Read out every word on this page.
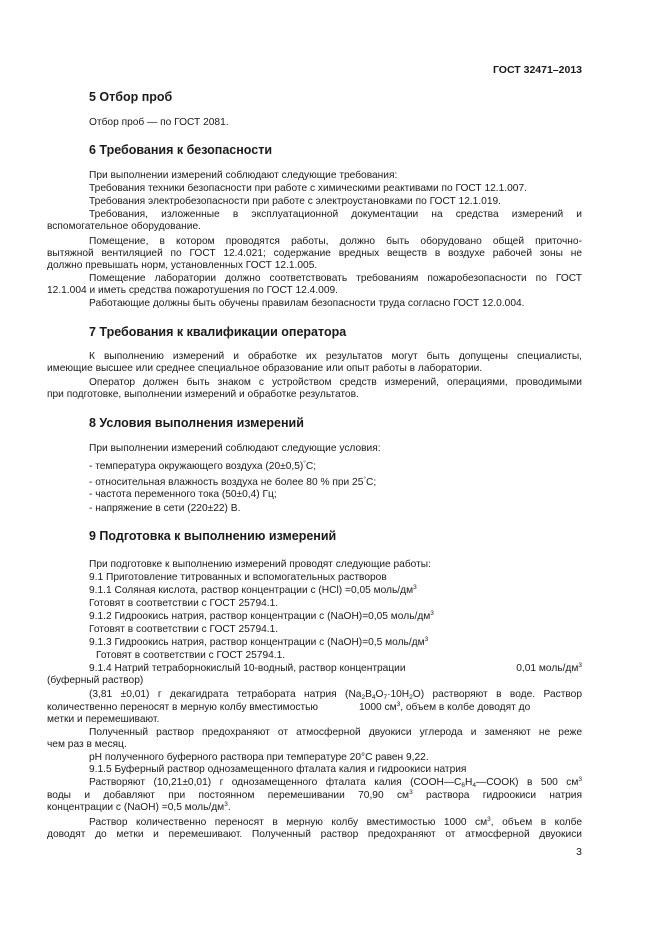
ГОСТ 32471–2013
5 Отбор проб
Отбор проб — по ГОСТ 2081.
6 Требования к безопасности
При выполнении измерений соблюдают следующие требования:
Требования техники безопасности при работе с химическими реактивами по ГОСТ 12.1.007.
Требования электробезопасности при работе с электроустановками по ГОСТ 12.1.019.
Требования, изложенные в эксплуатационной документации на средства измерений и
вспомогательное оборудование.
Помещение, в котором проводятся работы, должно быть оборудовано общей приточно-
вытяжной вентиляцией по ГОСТ 12.4.021; содержание вредных веществ в воздухе рабочей зоны не
должно превышать норм, установленных ГОСТ 12.1.005.
Помещение лаборатории должно соответствовать требованиям пожаробезопасности по ГОСТ
12.1.004 и иметь средства пожаротушения по ГОСТ 12.4.009.
Работающие должны быть обучены правилам безопасности труда согласно ГОСТ 12.0.004.
7 Требования к квалификации оператора
К выполнению измерений и обработке их результатов могут быть допущены специалисты,
имеющие высшее или среднее специальное образование или опыт работы в лаборатории.
Оператор должен быть знаком с устройством средств измерений, операциями, проводимыми
при подготовке, выполнении измерений и обработке результатов.
8 Условия выполнения измерений
При выполнении измерений соблюдают следующие условия:
- температура окружающего воздуха (20±0,5)°С;
- относительная влажность воздуха не более 80 % при 25°С;
- частота переменного тока (50±0,4) Гц;
- напряжение в сети (220±22) В.
9 Подготовка к выполнению измерений
При подготовке к выполнению измерений проводят следующие работы:
9.1 Приготовление титрованных и вспомогательных растворов
9.1.1 Соляная кислота, раствор концентрации с (HCl) =0,05 моль/$дм^3$
Готовят в соответствии с ГОСТ 25794.1.
9.1.2 Гидроокись натрия, раствор концентрации с (NaOH)=0,05 моль/$дм^3$
Готовят в соответствии с ГОСТ 25794.1.
9.1.3 Гидроокись натрия, раствор концентрации с (NaOH)=0,5 моль/$дм^3$
Готовят в соответствии с ГОСТ 25794.1.
9.1.4 Натрий тетраборнокислый 10-водный, раствор концентрации	0,01 моль/$дм^3$
(буферный раствор)
(3,81 ±0,01) г декагидрата тетрабората натрия $(Na_2B_4O_7\cdot 10H_2O)$ растворяют в воде. Раствор
количественно переносят в мерную колбу вместимостью	1000 $см^3$, объем в колбе доводят до
метки и перемешивают.
Полученный раствор предохраняют от атмосферной двуокиси углерода и заменяют не реже
чем раз в месяц.
рН полученного буферного раствора при температуре 20°С равен 9,22.
9.1.5 Буферный раствор однозамещенного фталата калия и гидроокиси натрия
Растворяют (10,21±0,01) г однозамещенного фталата калия $(СООН—С_6Н_4—СООК)$ в 500 $см^3$
воды и добавляют при постоянном перемешивании 70,90 $см^3$ раствора гидроокиси натрия
концентрации с (NaOH) =0,5 моль/$дм^3$.
Раствор количественно переносят в мерную колбу вместимостью 1000 $см^3$, объем в колбе
доводят до метки и перемешивают. Полученный раствор предохраняют от атмосферной двуокиси
3
